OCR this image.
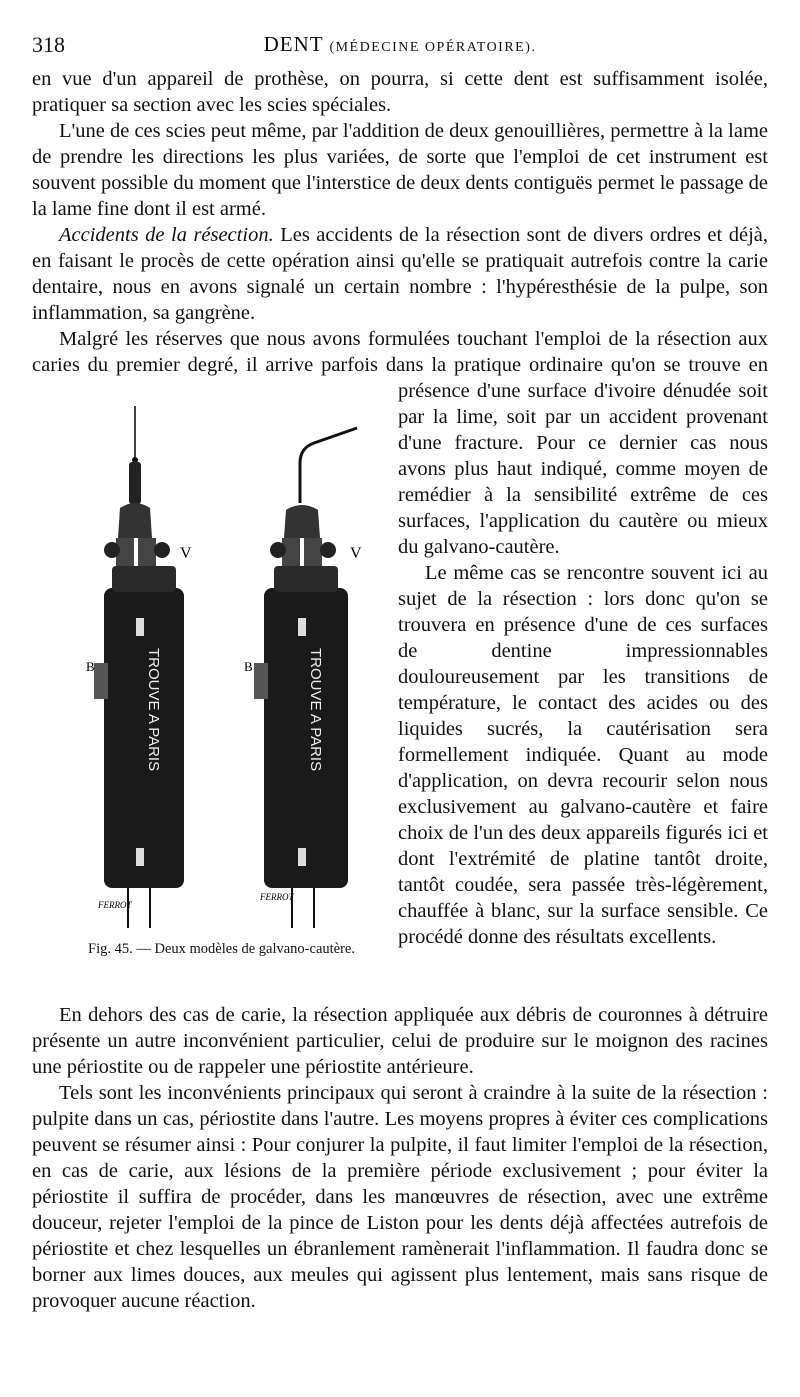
318	DENT (MÉDECINE OPÉRATOIRE).

en vue d'un appareil de prothèse, on pourra, si cette dent est suffisamment isolée, pratiquer sa section avec les scies spéciales.

L'une de ces scies peut même, par l'addition de deux genouillières, permettre à la lame de prendre les directions les plus variées, de sorte que l'emploi de cet instrument est souvent possible du moment que l'interstice de deux dents contiguës permet le passage de la lame fine dont il est armé.

Accidents de la résection. Les accidents de la résection sont de divers ordres et déjà, en faisant le procès de cette opération ainsi qu'elle se pratiquait autrefois contre la carie dentaire, nous en avons signalé un certain nombre : l'hypéresthésie de la pulpe, son inflammation, sa gangrène.

Malgré les réserves que nous avons formulées touchant l'emploi de la résection aux caries du premier degré, il arrive parfois dans la pratique ordinaire
TROUVE A PARIS
V
B
FERROT
TROUVE A PARIS
V
B
FERROT
Fig. 45. — Deux modèles de galvano-cautère.
qu'on se trouve en présence d'une surface d'ivoire dénudée soit par la lime, soit par un accident provenant d'une fracture. Pour ce dernier cas nous avons plus haut indiqué, comme moyen de remédier à la sensibilité extrême de ces surfaces, l'application du cautère ou mieux du galvano-cautère.

Le même cas se rencontre souvent ici au sujet de la résection : lors donc qu'on se trouvera en présence d'une de ces surfaces de dentine impressionnables douloureusement par les transitions de température, le contact des acides ou des liquides sucrés, la cautérisation sera formellement indiquée. Quant au mode d'application, on devra recourir selon nous exclusivement au galvano-cautère et faire choix de l'un des deux appareils figurés ici et dont l'extrémité de platine tantôt droite, tantôt coudée, sera passée très-légèrement, chauffée à blanc, sur la surface sensible. Ce procédé donne des résultats excellents.

En dehors des cas de carie, la résection appliquée aux débris de couronnes à détruire présente un autre inconvénient particulier, celui de produire sur le moignon des racines une périostite ou de rappeler une périostite antérieure.

Tels sont les inconvénients principaux qui seront à craindre à la suite de la résection : pulpite dans un cas, périostite dans l'autre. Les moyens propres à éviter ces complications peuvent se résumer ainsi : Pour conjurer la pulpite, il faut limiter l'emploi de la résection, en cas de carie, aux lésions de la première période exclusivement ; pour éviter la périostite il suffira de procéder, dans les manœuvres de résection, avec une extrême douceur, rejeter l'emploi de la pince de Liston pour les dents déjà affectées autrefois de périostite et chez lesquelles un ébranlement ramènerait l'inflammation. Il faudra donc se borner aux limes douces, aux meules qui agissent plus lentement, mais sans risque de provoquer aucune réaction.
